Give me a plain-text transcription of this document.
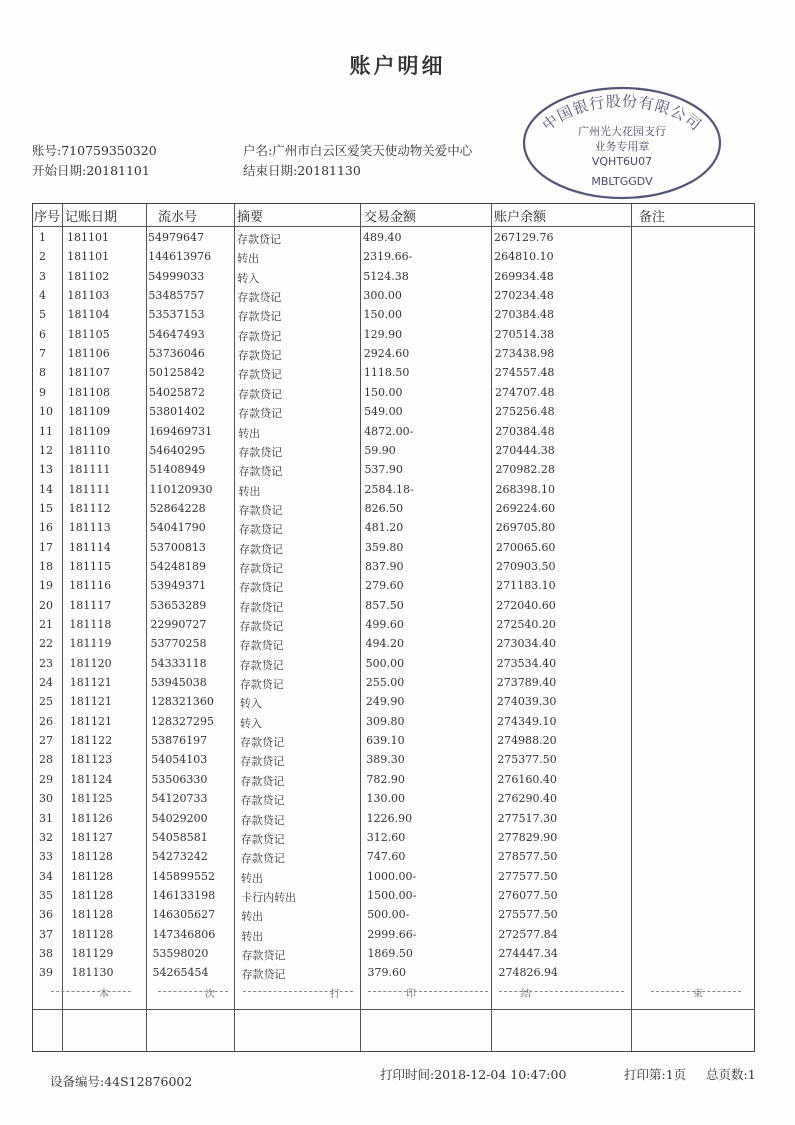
账户明细
账号:710759350320
开始日期:20181101
户名:广州市白云区爱笑天使动物关爱中心
结束日期:20181130
中国银行股份有限公司
广州光大花园支行
业务专用章
VQHT6U07
MBLTGGDV
序号 记账日期	流水号	摘要	交易金额	账户余额	备注
1 181101	54979647	存款贷记	489.40	267129.76
2 181101	144613976 转出	2319.66-	264810.10
3 181102	54999033	转入	5124.38	269934.48
4 181103	53485757	存款贷记	300.00	270234.48
5 181104	53537153	存款贷记	150.00	270384.48
6 181105	54647493	存款贷记	129.90	270514.38
7 181106	53736046	存款贷记	2924.60	273438.98
8 181107	50125842	存款贷记	1118.50	274557.48
9 181108	54025872	存款贷记	150.00	274707.48
10 181109	53801402	存款贷记	549.00	275256.48
11 181109	169469731 转出	4872.00-	270384.48
12 181110	54640295	存款贷记	59.90	270444.38
13 181111	51408949	存款贷记	537.90	270982.28
14 181111	110120930 转出	2584.18-	268398.10
15 181112	52864228	存款贷记	826.50	269224.60
16 181113	54041790	存款贷记	481.20	269705.80
17 181114	53700813	存款贷记	359.80	270065.60
18 181115	54248189	存款贷记	837.90	270903.50
19 181116	53949371	存款贷记	279.60	271183.10
20 181117	53653289	存款贷记	857.50	272040.60
21 181118	22990727	存款贷记	499.60	272540.20
22 181119	53770258	存款贷记	494.20	273034.40
23 181120	54333118	存款贷记	500.00	273534.40
24 181121	53945038	存款贷记	255.00	273789.40
25 181121	128321360 转入	249.90	274039.30
26 181121	128327295 转入	309.80	274349.10
27 181122	53876197	存款贷记	639.10	274988.20
28 181123	54054103	存款贷记	389.30	275377.50
29 181124	53506330	存款贷记	782.90	276160.40
30 181125	54120733	存款贷记	130.00	276290.40
31 181126	54029200	存款贷记	1226.90	277517.30
32 181127	54058581	存款贷记	312.60	277829.90
33 181128	54273242	存款贷记	747.60	278577.50
34 181128	145899552 转出	1000.00-	277577.50
35 181128	146133198 卡行内转出	1500.00-	276077.50
36 181128	146305627 转出	500.00-	275577.50
37 181128	147346806 转出	2999.66-	272577.84
38 181129	53598020	存款贷记	1869.50	274447.34
39 181130	54265454	存款贷记	379.60	274826.94
本	次	打	印	结	束
设备编号:44S12876002	打印时间:2018-12-04 10:47:00	打印第:1页 总页数:1
